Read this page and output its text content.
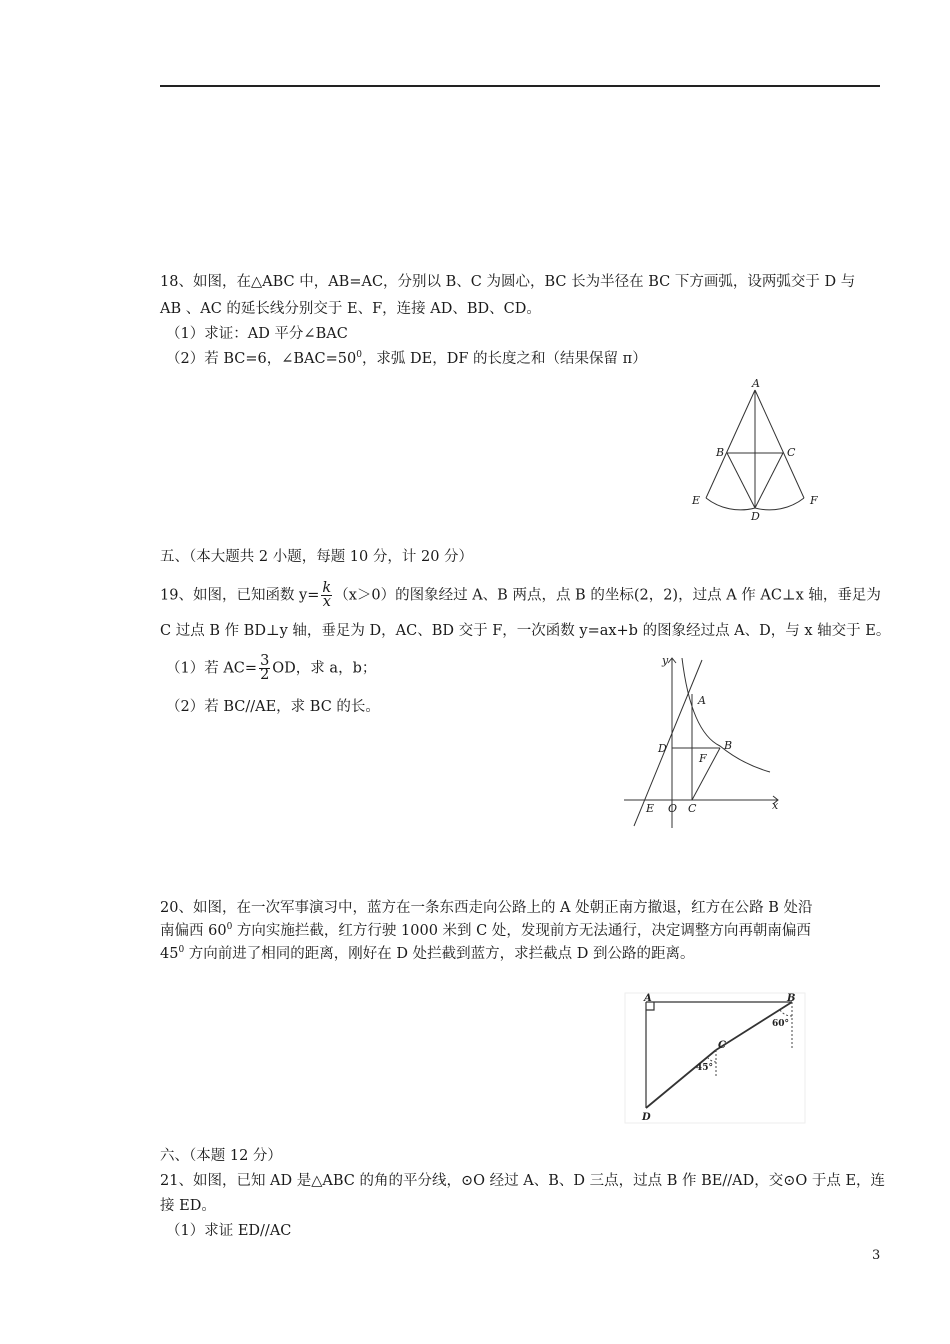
18、如图，在△ABC 中，AB=AC，分别以 B、C 为圆心，BC 长为半径在 BC 下方画弧，设两弧交于 D 与
AB 、AC 的延长线分别交于 E、F，连接 AD、BD、CD。
（1）求证：AD 平分∠BAC
（2）若 BC=6，$\angle BAC=50^0$，求弧 DE，DF 的长度之和（结果保留 π）
A
B	C
D
E	F
五、（本大题共 2 小题，每题 10 分，计 20 分）
19、如图，已知函数 $y= \frac{k}{x} (x>0)$的图象经过 A、B 两点，点 B 的坐标(2，2)，过点 A 作 AC⊥x 轴，垂足为
C 过点 B 作 BD⊥y 轴，垂足为 D，AC、BD 交于 F，一次函数 y=ax+b 的图象经过点 A、D，与 x 轴交于 E。
（1）若 $AC= \frac{3}{2}$ OD，求 a，b；
（2）若 BC//AE，求 BC 的长。
y
x
A
B
C
D
E
F
O
20、如图，在一次军事演习中，蓝方在一条东西走向公路上的 A 处朝正南方撤退，红方在公路 B 处沿
南偏西 $60^0$ 方向实施拦截，红方行驶 1000 米到 C 处，发现前方无法通行，决定调整方向再朝南偏西
$45^0$ 方向前进了相同的距离，刚好在 D 处拦截到蓝方，求拦截点 D 到公路的距离。
A	B
C
D
60°
45°
六、（本题 12 分）
21、如图，已知 AD 是△ABC 的角的平分线，⊙O 经过 A、B、D 三点，过点 B 作 BE//AD，交⊙O 于点 E，连
接 ED。
（1）求证 ED//AC
3
